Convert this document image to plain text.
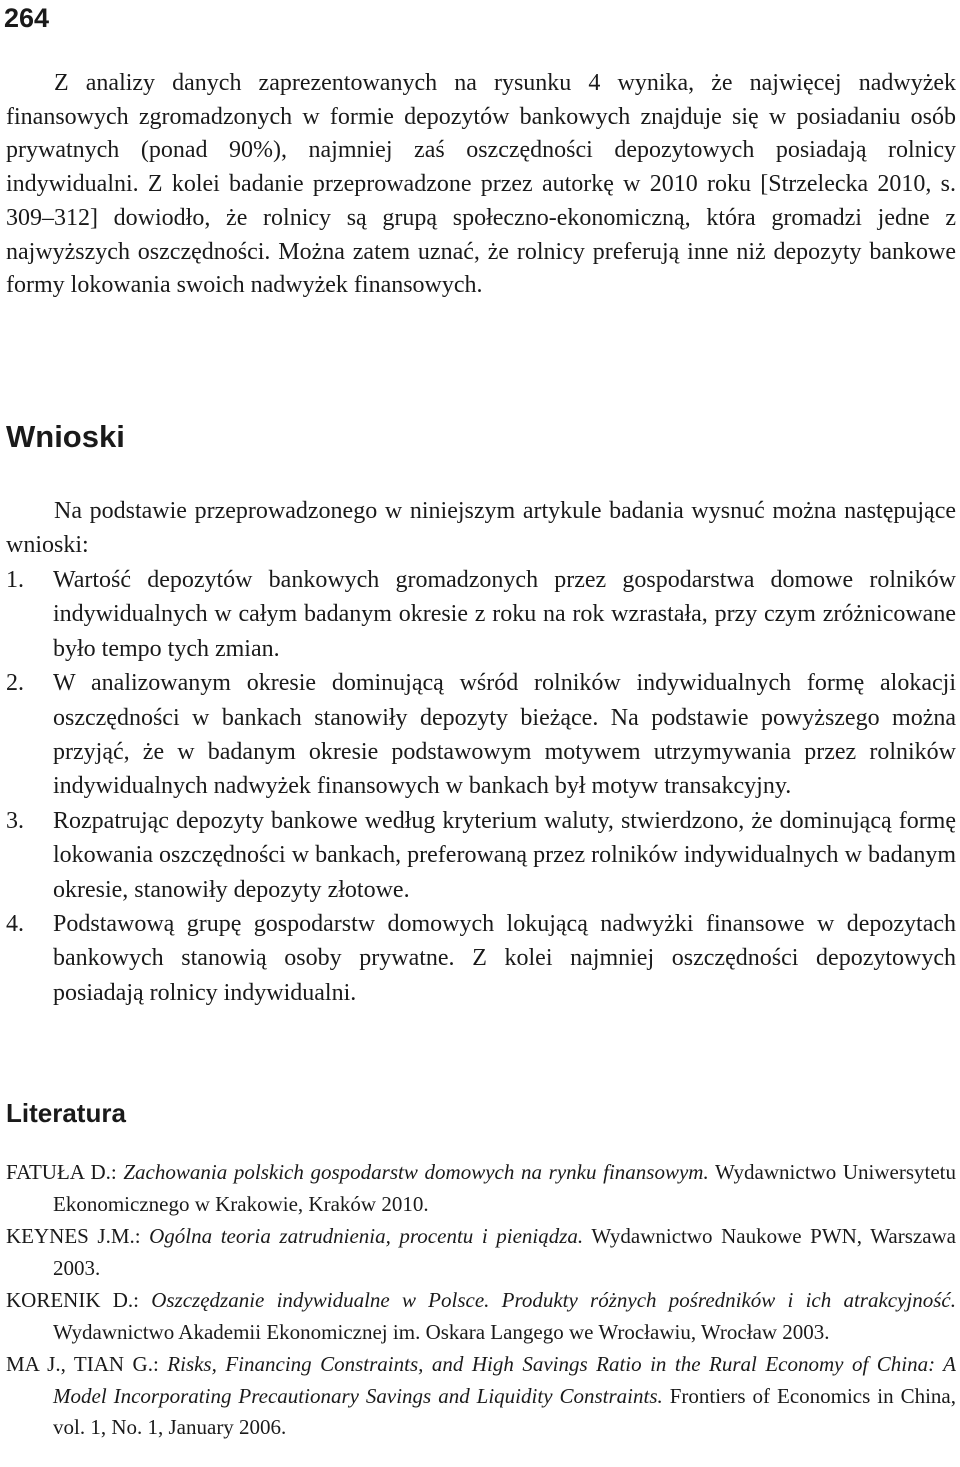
264

Z analizy danych zaprezentowanych na rysunku 4 wynika, że najwięcej nadwyżek finansowych zgromadzonych w formie depozytów bankowych znajduje się w posiadaniu osób prywatnych (ponad 90%), najmniej zaś oszczędności depozytowych posiadają rolnicy indywidualni. Z kolei badanie przeprowadzone przez autorkę w 2010 roku [Strzelecka 2010, s. 309–312] dowiodło, że rolnicy są grupą społeczno-ekonomiczną, która gromadzi jedne z najwyższych oszczędności. Można zatem uznać, że rolnicy preferują inne niż depozyty bankowe formy lokowania swoich nadwyżek finansowych.

Wnioski

Na podstawie przeprowadzonego w niniejszym artykule badania wysnuć można następujące wnioski:

1. Wartość depozytów bankowych gromadzonych przez gospodarstwa domowe rolników indywidualnych w całym badanym okresie z roku na rok wzrastała, przy czym zróżnicowane było tempo tych zmian.
2. W analizowanym okresie dominującą wśród rolników indywidualnych formę alokacji oszczędności w bankach stanowiły depozyty bieżące. Na podstawie powyższego można przyjąć, że w badanym okresie podstawowym motywem utrzymywania przez rolników indywidualnych nadwyżek finansowych w bankach był motyw transakcyjny.
3. Rozpatrując depozyty bankowe według kryterium waluty, stwierdzono, że dominującą formę lokowania oszczędności w bankach, preferowaną przez rolników indywidualnych w badanym okresie, stanowiły depozyty złotowe.
4. Podstawową grupę gospodarstw domowych lokującą nadwyżki finansowe w depozytach bankowych stanowią osoby prywatne. Z kolei najmniej oszczędności depozytowych posiadają rolnicy indywidualni.
Literatura
FATUŁA D.: Zachowania polskich gospodarstw domowych na rynku finansowym. Wydawnictwo Uniwersytetu Ekonomicznego w Krakowie, Kraków 2010.
KEYNES J.M.: Ogólna teoria zatrudnienia, procentu i pieniądza. Wydawnictwo Naukowe PWN, Warszawa 2003.
KORENIK D.: Oszczędzanie indywidualne w Polsce. Produkty różnych pośredników i ich atrakcyjność. Wydawnictwo Akademii Ekonomicznej im. Oskara Langego we Wrocławiu, Wrocław 2003.
MA J., TIAN G.: Risks, Financing Constraints, and High Savings Ratio in the Rural Economy of China: A Model Incorporating Precautionary Savings and Liquidity Constraints. Frontiers of Economics in China, vol. 1, No. 1, January 2006.
